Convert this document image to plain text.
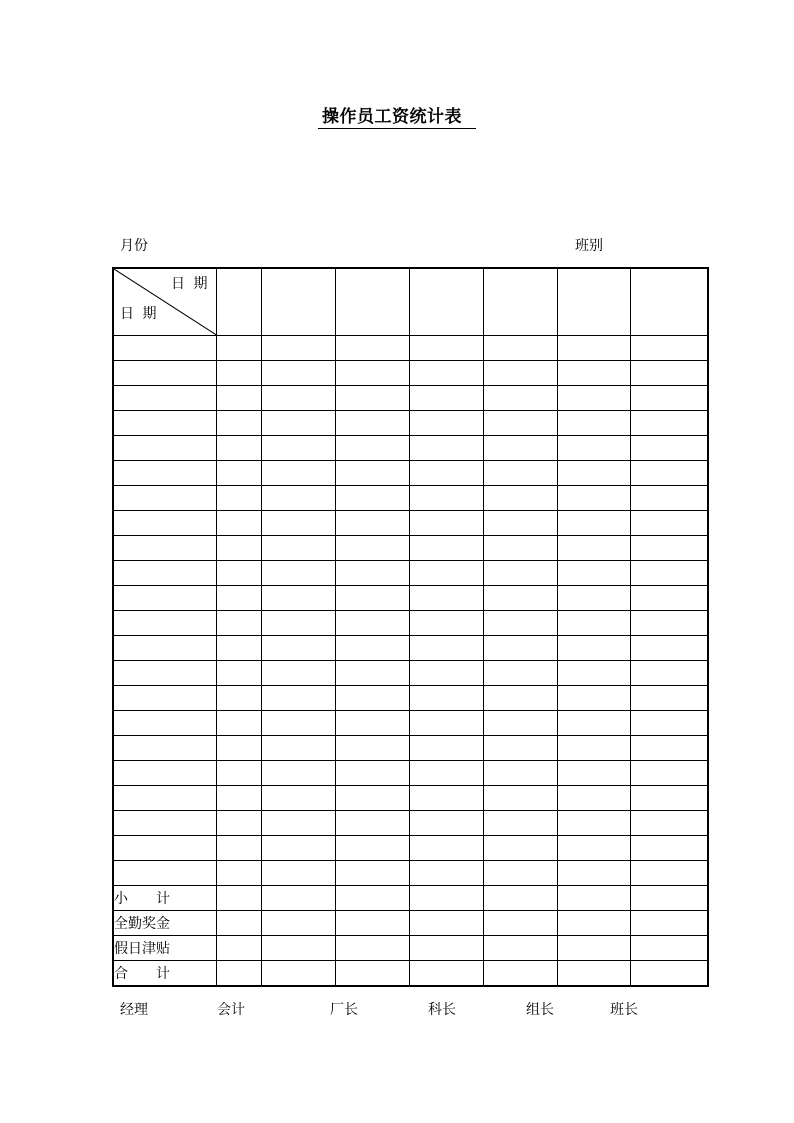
操作员工资统计表
月份	班别
日 期
日 期							

小　　计							
全勤奖金							
假日津贴							
合　　计							
经理	会计	厂长	科长	组长	班长
